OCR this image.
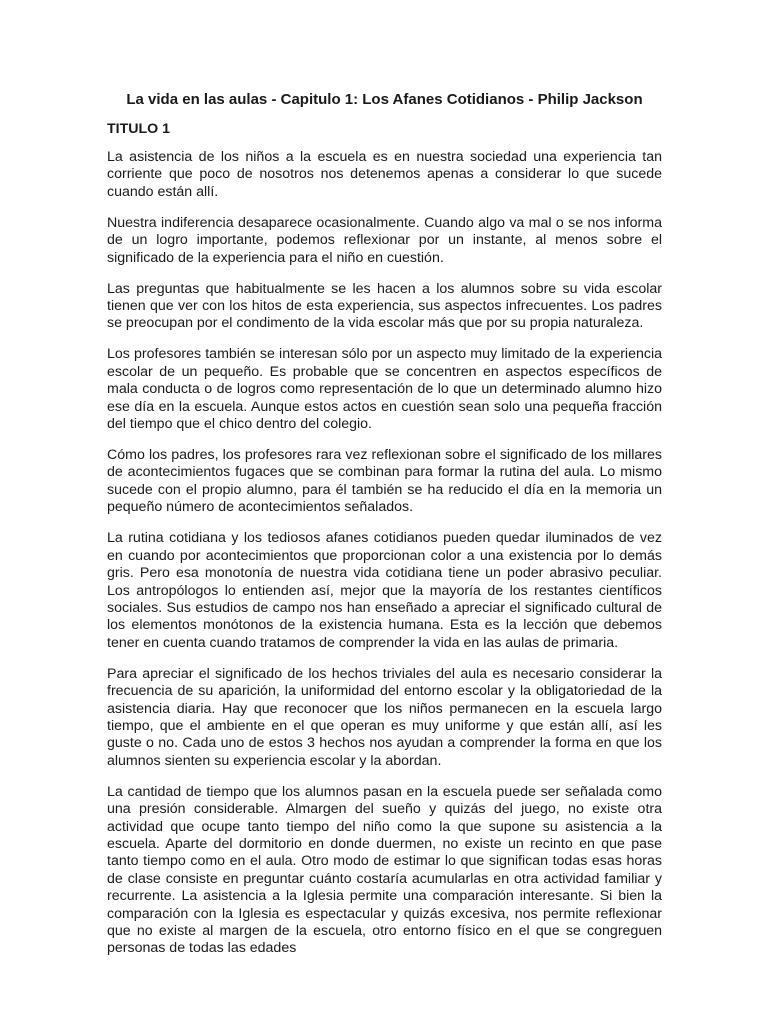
La vida en las aulas - Capitulo 1: Los Afanes Cotidianos - Philip Jackson
TITULO 1

La asistencia de los niños a la escuela es en nuestra sociedad una experiencia tan corriente que poco de nosotros nos detenemos apenas a considerar lo que sucede cuando están allí.

Nuestra indiferencia desaparece ocasionalmente. Cuando algo va mal o se nos informa de un logro importante, podemos reflexionar por un instante, al menos sobre el significado de la experiencia para el niño en cuestión.

Las preguntas que habitualmente se les hacen a los alumnos sobre su vida escolar tienen que ver con los hitos de esta experiencia, sus aspectos infrecuentes. Los padres se preocupan por el condimento de la vida escolar más que por su propia naturaleza.

Los profesores también se interesan sólo por un aspecto muy limitado de la experiencia escolar de un pequeño. Es probable que se concentren en aspectos específicos de mala conducta o de logros como representación de lo que un determinado alumno hizo ese día en la escuela. Aunque estos actos en cuestión sean solo una pequeña fracción del tiempo que el chico dentro del colegio.

Cómo los padres, los profesores rara vez reflexionan sobre el significado de los millares de acontecimientos fugaces que se combinan para formar la rutina del aula. Lo mismo sucede con el propio alumno, para él también se ha reducido el día en la memoria un pequeño número de acontecimientos señalados.

La rutina cotidiana y los tediosos afanes cotidianos pueden quedar iluminados de vez en cuando por acontecimientos que proporcionan color a una existencia por lo demás gris. Pero esa monotonía de nuestra vida cotidiana tiene un poder abrasivo peculiar. Los antropólogos lo entienden así, mejor que la mayoría de los restantes científicos sociales. Sus estudios de campo nos han enseñado a apreciar el significado cultural de los elementos monótonos de la existencia humana. Esta es la lección que debemos tener en cuenta cuando tratamos de comprender la vida en las aulas de primaria.

Para apreciar el significado de los hechos triviales del aula es necesario considerar la frecuencia de su aparición, la uniformidad del entorno escolar y la obligatoriedad de la asistencia diaria. Hay que reconocer que los niños permanecen en la escuela largo tiempo, que el ambiente en el que operan es muy uniforme y que están allí, así les guste o no. Cada uno de estos 3 hechos nos ayudan a comprender la forma en que los alumnos sienten su experiencia escolar y la abordan.

La cantidad de tiempo que los alumnos pasan en la escuela puede ser señalada como una presión considerable. Almargen del sueño y quizás del juego, no existe otra actividad que ocupe tanto tiempo del niño como la que supone su asistencia a la escuela. Aparte del dormitorio en donde duermen, no existe un recinto en que pase tanto tiempo como en el aula. Otro modo de estimar lo que significan todas esas horas de clase consiste en preguntar cuánto costaría acumularlas en otra actividad familiar y recurrente. La asistencia a la Iglesia permite una comparación interesante. Si bien la comparación con la Iglesia es espectacular y quizás excesiva, nos permite reflexionar que no existe al margen de la escuela, otro entorno físico en el que se congreguen personas de todas las edades
